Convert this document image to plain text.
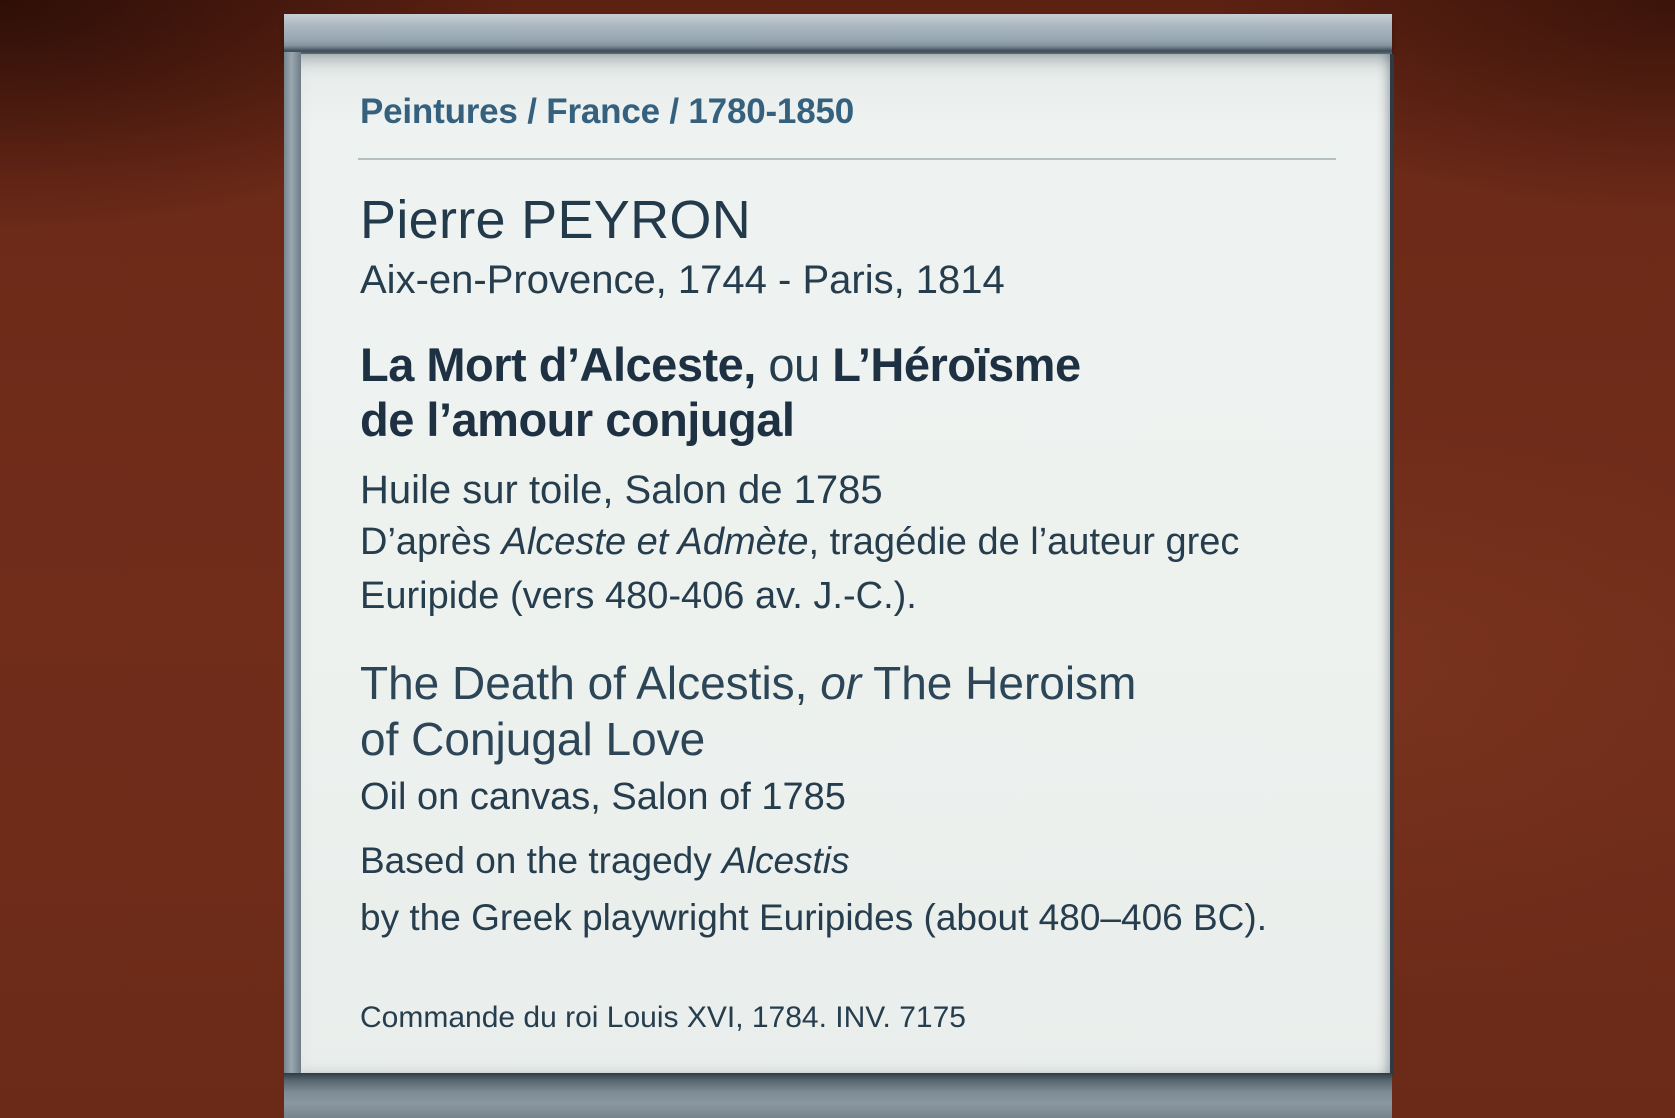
Peintures / France / 1780-1850
Pierre PEYRON
Aix-en-Provence, 1744 - Paris, 1814
La Mort d’Alceste, ou L’Héroïsme
de l’amour conjugal
Huile sur toile, Salon de 1785
D’après Alceste et Admète, tragédie de l’auteur grec
Euripide (vers 480-406 av. J.-C.).
The Death of Alcestis, or The Heroism
of Conjugal Love
Oil on canvas, Salon of 1785
Based on the tragedy Alcestis
by the Greek playwright Euripides (about 480–406 BC).
Commande du roi Louis XVI, 1784. INV. 7175
